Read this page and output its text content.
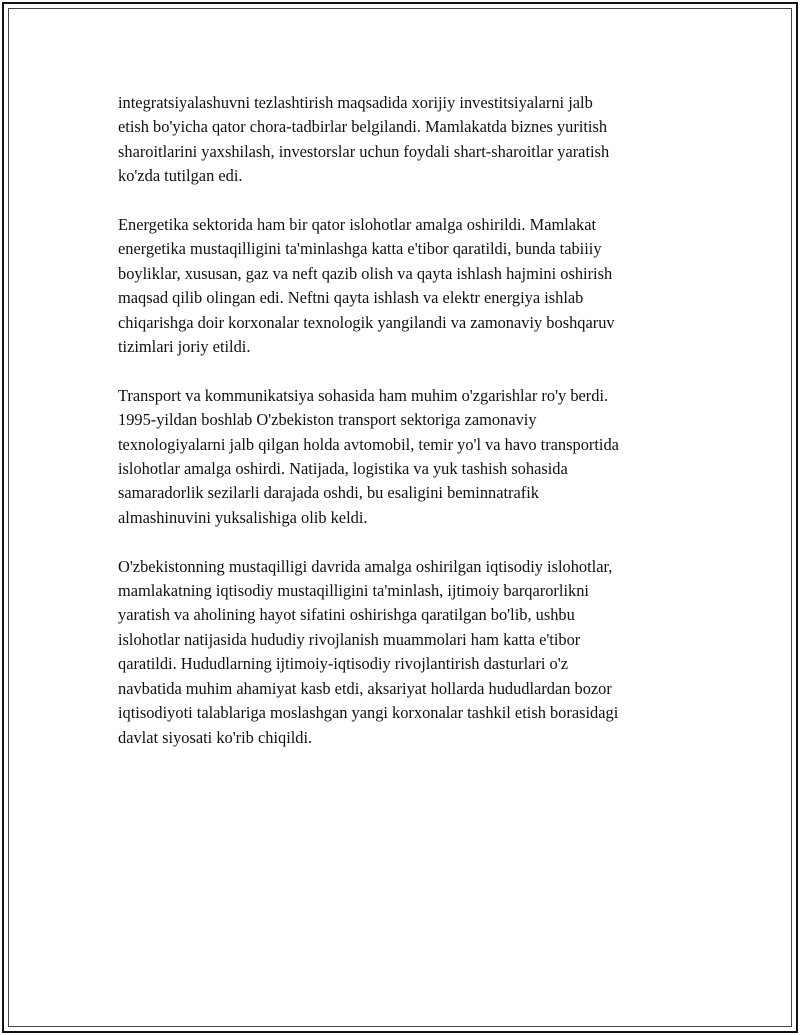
integratsiyalashuvni tezlashtirish maqsadida xorijiy investitsiyalarni jalb
etish bo'yicha qator chora-tadbirlar belgilandi. Mamlakatda biznes yuritish
sharoitlarini yaxshilash, investorslar uchun foydali shart-sharoitlar yaratish
ko'zda tutilgan edi.

Energetika sektorida ham bir qator islohotlar amalga oshirildi. Mamlakat
energetika mustaqilligini ta'minlashga katta e'tibor qaratildi, bunda tabiiiy
boyliklar, xususan, gaz va neft qazib olish va qayta ishlash hajmini oshirish
maqsad qilib olingan edi. Neftni qayta ishlash va elektr energiya ishlab
chiqarishga doir korxonalar texnologik yangilandi va zamonaviy boshqaruv
tizimlari joriy etildi.

Transport va kommunikatsiya sohasida ham muhim o'zgarishlar ro'y berdi.
1995-yildan boshlab O'zbekiston transport sektoriga zamonaviy
texnologiyalarni jalb qilgan holda avtomobil, temir yo'l va havo transportida
islohotlar amalga oshirdi. Natijada, logistika va yuk tashish sohasida
samaradorlik sezilarli darajada oshdi, bu esaligini beminnatrafik
almashinuvini yuksalishiga olib keldi.

O'zbekistonning mustaqilligi davrida amalga oshirilgan iqtisodiy islohotlar,
mamlakatning iqtisodiy mustaqilligini ta'minlash, ijtimoiy barqarorlikni
yaratish va aholining hayot sifatini oshirishga qaratilgan bo'lib, ushbu
islohotlar natijasida hududiy rivojlanish muammolari ham katta e'tibor
qaratildi. Hududlarning ijtimoiy-iqtisodiy rivojlantirish dasturlari o'z
navbatida muhim ahamiyat kasb etdi, aksariyat hollarda hududlardan bozor
iqtisodiyoti talablariga moslashgan yangi korxonalar tashkil etish borasidagi
davlat siyosati ko'rib chiqildi.
